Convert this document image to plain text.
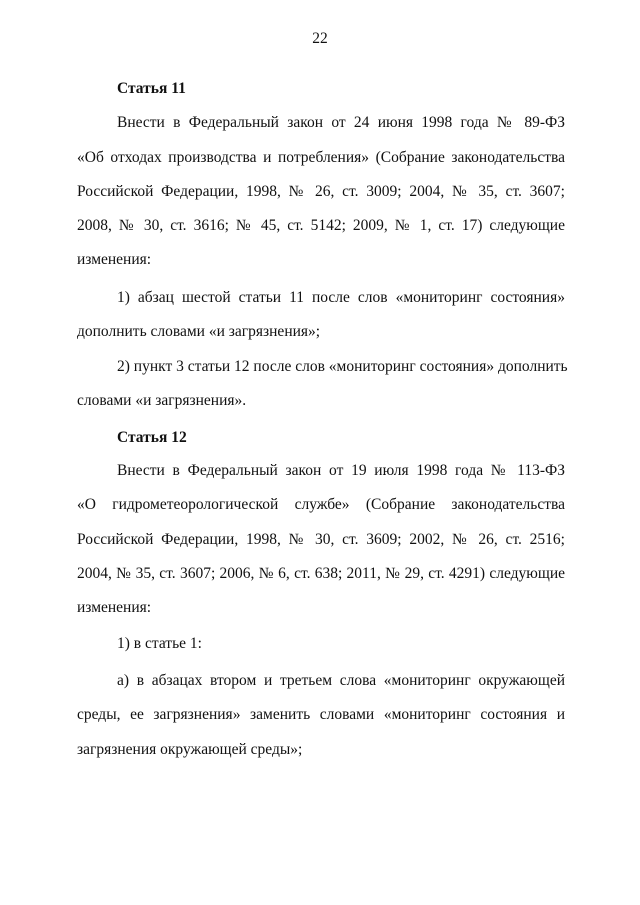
22
Статья 11
Внести в Федеральный закон от 24 июня 1998 года № 89-ФЗ
«Об отходах производства и потребления» (Собрание законодательства
Российской Федерации, 1998, № 26, ст. 3009; 2004, № 35, ст. 3607;
2008, № 30, ст. 3616; № 45, ст. 5142; 2009, № 1, ст. 17) следующие
изменения:
1) абзац шестой статьи 11 после слов «мониторинг состояния»
дополнить словами «и загрязнения»;
2) пункт 3 статьи 12 после слов «мониторинг состояния» дополнить
словами «и загрязнения».
Статья 12
Внести в Федеральный закон от 19 июля 1998 года № 113-ФЗ
«О гидрометеорологической службе» (Собрание законодательства
Российской Федерации, 1998, № 30, ст. 3609; 2002, № 26, ст. 2516;
2004, № 35, ст. 3607; 2006, № 6, ст. 638; 2011, № 29, ст. 4291) следующие
изменения:
1) в статье 1:
а) в абзацах втором и третьем слова «мониторинг окружающей
среды, ее загрязнения» заменить словами «мониторинг состояния и
загрязнения окружающей среды»;
